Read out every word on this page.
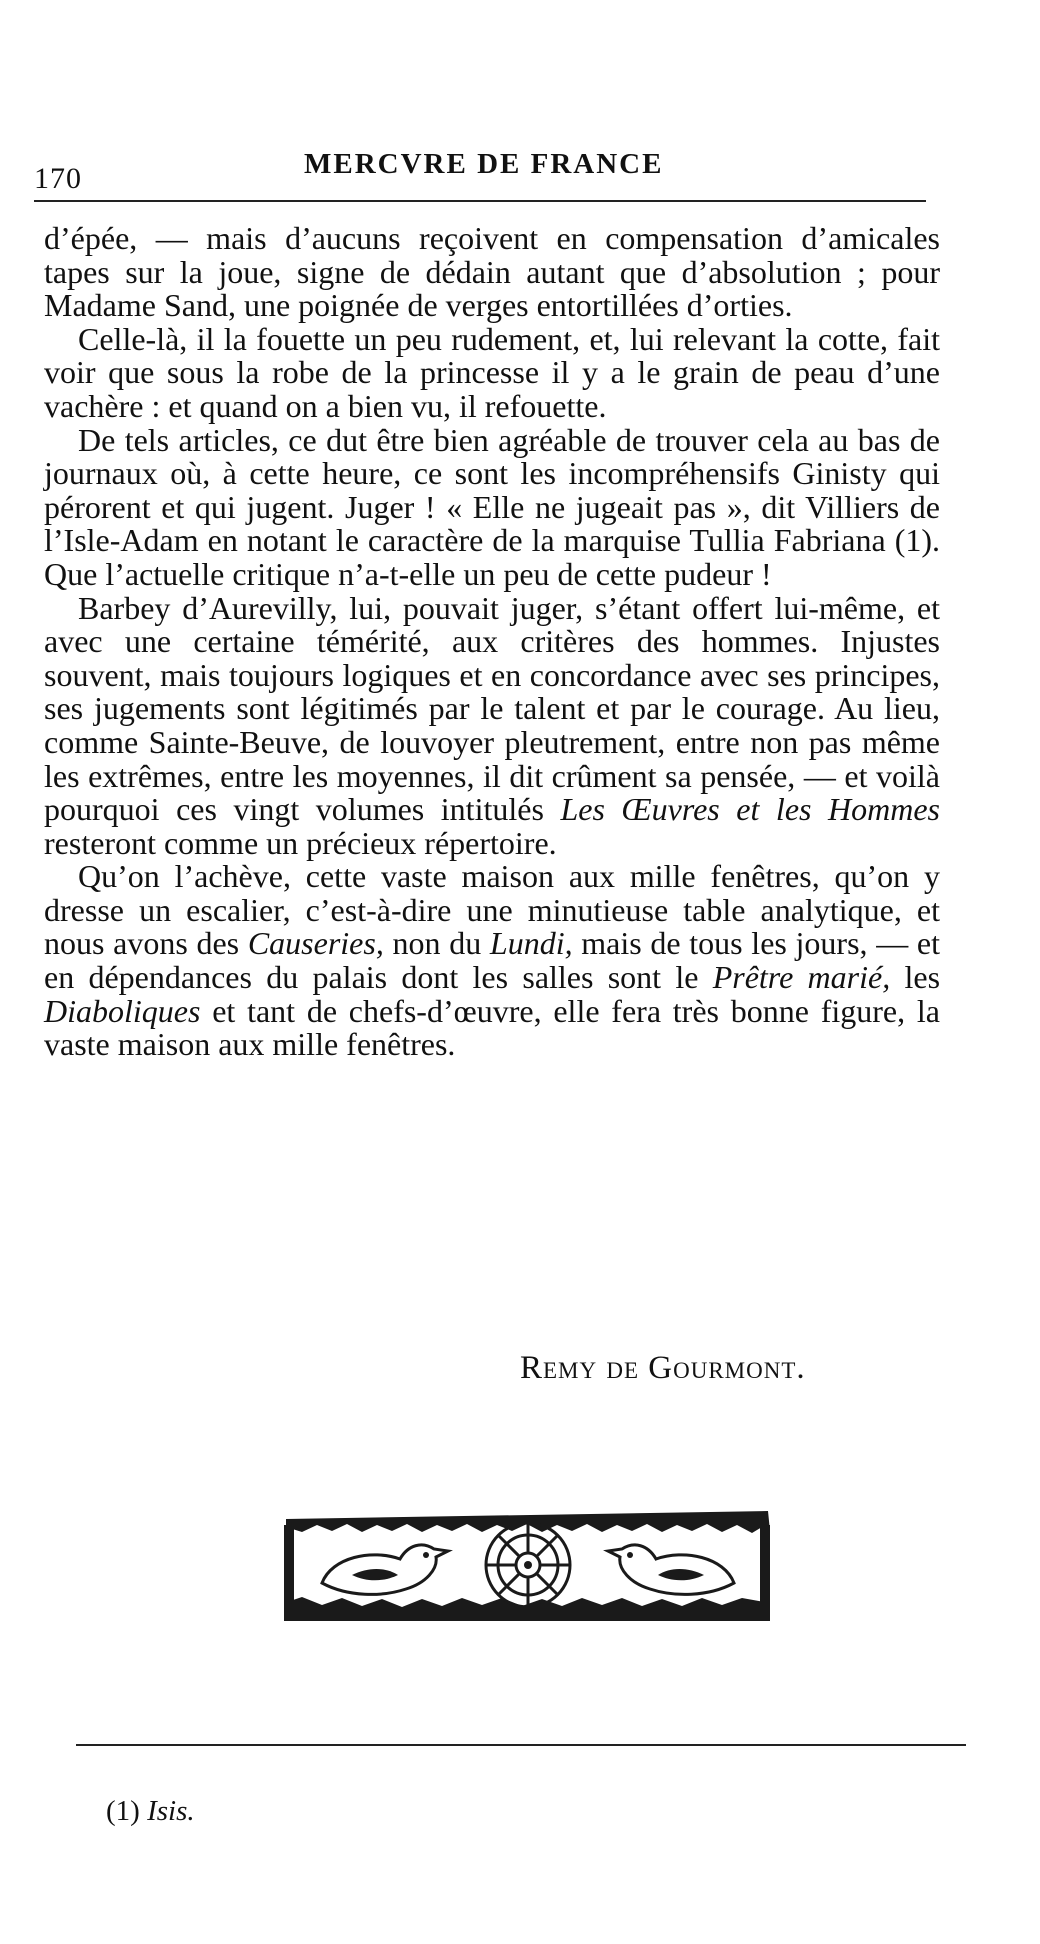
170	MERCVRE DE FRANCE

d’épée, — mais d’aucuns reçoivent en compensation d’amicales tapes sur la joue, signe de dédain autant que d’absolution ; pour Madame Sand, une poignée de verges entortillées d’orties.

Celle-là, il la fouette un peu rudement, et, lui relevant la cotte, fait voir que sous la robe de la princesse il y a le grain de peau d’une vachère : et quand on a bien vu, il refouette.

De tels articles, ce dut être bien agréable de trouver cela au bas de journaux où, à cette heure, ce sont les incompréhensifs Ginisty qui pérorent et qui jugent. Juger ! « Elle ne jugeait pas », dit Villiers de l’Isle-Adam en notant le caractère de la marquise Tullia Fabriana (1). Que l’actuelle critique n’a-t-elle un peu de cette pudeur !

Barbey d’Aurevilly, lui, pouvait juger, s’étant offert lui-même, et avec une certaine témérité, aux critères des hommes. Injustes souvent, mais toujours logiques et en concordance avec ses principes, ses jugements sont légitimés par le talent et par le courage. Au lieu, comme Sainte-Beuve, de louvoyer pleutrement, entre non pas même les extrêmes, entre les moyennes, il dit crûment sa pensée, — et voilà pourquoi ces vingt volumes intitulés Les Œuvres et les Hommes resteront comme un précieux répertoire.

Qu’on l’achève, cette vaste maison aux mille fenêtres, qu’on y dresse un escalier, c’est-à-dire une minutieuse table analytique, et nous avons des Causeries, non du Lundi, mais de tous les jours, — et en dépendances du palais dont les salles sont le Prêtre marié, les Diaboliques et tant de chefs-d’œuvre, elle fera très bonne figure, la vaste maison aux mille fenêtres.

Remy de Gourmont.
(1) Isis.
